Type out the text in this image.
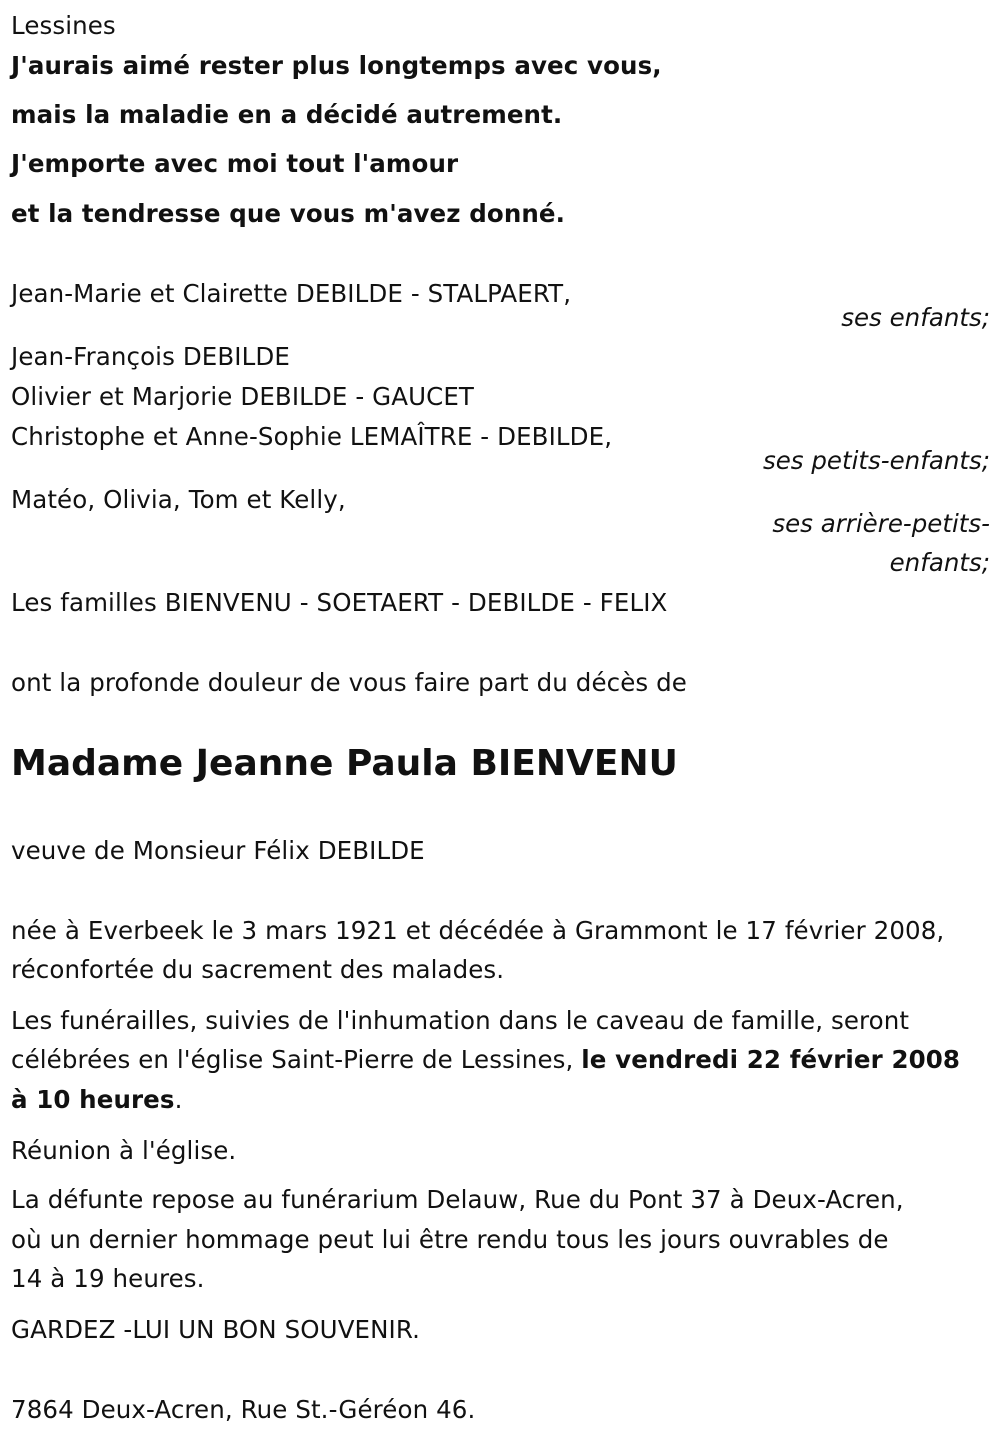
Lessines
J'aurais aimé rester plus longtemps avec vous,
mais la maladie en a décidé autrement.
J'emporte avec moi tout l'amour
et la tendresse que vous m'avez donné.
Jean-Marie et Clairette DEBILDE - STALPAERT,
ses enfants;
Jean-François DEBILDE
Olivier et Marjorie DEBILDE - GAUCET
Christophe et Anne-Sophie LEMAÎTRE - DEBILDE,
ses petits-enfants;
Matéo, Olivia, Tom et Kelly,
ses arrière-petits-
enfants;
Les familles BIENVENU - SOETAERT - DEBILDE - FELIX
ont la profonde douleur de vous faire part du décès de
Madame Jeanne Paula BIENVENU
veuve de Monsieur Félix DEBILDE
née à Everbeek le 3 mars 1921 et décédée à Grammont le 17 février 2008,
réconfortée du sacrement des malades.
Les funérailles, suivies de l'inhumation dans le caveau de famille, seront
célébrées en l'église Saint-Pierre de Lessines, le vendredi 22 février 2008
à 10 heures.
Réunion à l'église.
La défunte repose au funérarium Delauw, Rue du Pont 37 à Deux-Acren,
où un dernier hommage peut lui être rendu tous les jours ouvrables de
14 à 19 heures.
GARDEZ -LUI UN BON SOUVENIR.
7864 Deux-Acren, Rue St.-Géréon 46.
